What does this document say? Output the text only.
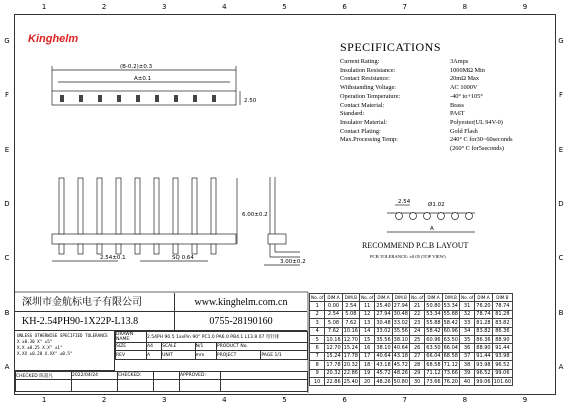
1	2	3	4	5	6	7	8	9
1	2	3	4	5	6	7	8	9
G
F
E
D
C
B
A
G
F
E
D
C
B
A
Kinghelm
(B-0.2)±0.3
A±0.1
2.50
6.00±0.2
2.54±0.1	SQ 0.64
3.00±0.2
2.54	Ø1.02
A
RECOMMEND P.C.B LAYOUT
PCB TOLERANCE: ±0.05 (TOP VIEW)
SPECIFICATIONS
Current Rating:	3Amps
Insulation Resistance:	1000MΩ Min
Contact Resistance:	20mΩ Max
Withstanding Voltage:	AC 1000V
Operation Temperature:	-40° to+105°
Contact Material:	Brass
Standard:	PA6T
Insulator Material:	Polyester(UL 94V-0)
Contact Plating:	Gold Flash
Max.Processing Temp:	240° C for30~60seconds
(260° C for5seconds)
深圳市金航标电子有限公司	www.kinghelm.com.cn
KH-2.54PH90-1X22P-L13.8	0755-28190160
UNLESS OTHERWISE SPECIFIED TOLERANCE
X ±0.30 X° ±5°
X.X ±0.25 X.X° ±1°
X.XX ±0.20 X.XX° ±0.5°
DRAWN NAME:	2.54PH 90.5 1xxPin 90° PC1.0 PA6.0 PB4.1 L13.8 07 弯针排				
SIZE	A4	SCALE	N/1	PRODUCT No.	
REV	A	UNIT	mm	PROJECT	PAGE 1/1
CHECKED 陈超凡	2022/04/24	CHECKED:		APPROVED:	

No. of	DIM.A	DIM.B	No. of	DIM.A	DIM.B	No. of	DIM.A	DIM.B	No. of	DIM.A	DIM.B
1	0.00	2.54	11	25.40	27.94	21	50.80	53.34	31	76.20	78.74
2	2.54	5.08	12	27.94	30.48	22	53.34	55.88	32	78.74	81.28
3	5.08	7.62	13	30.48	33.02	23	55.88	58.42	33	81.28	83.82
4	7.62	10.16	14	33.02	35.56	24	58.42	60.96	34	83.82	86.36
5	10.16	12.70	15	35.56	38.10	25	60.96	63.50	35	86.36	88.90
6	12.70	15.24	16	38.10	40.64	26	63.50	66.04	36	88.90	91.44
7	15.24	17.78	17	40.64	43.18	27	66.04	68.58	37	91.44	93.98
8	17.78	20.32	18	43.18	45.72	28	68.58	71.12	38	93.98	96.52
9	20.32	22.86	19	45.72	48.26	29	71.12	73.66	39	96.52	99.06
10	22.86	25.40	20	48.26	50.80	30	73.66	76.20	40	99.06	101.60
